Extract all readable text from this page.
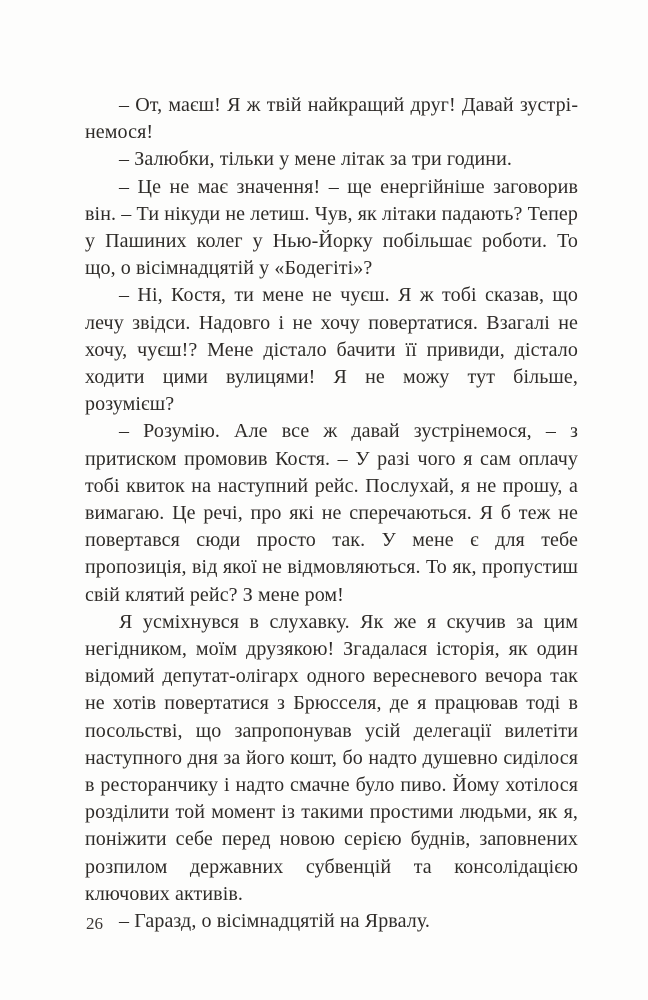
– От, маєш! Я ж твій найкращий друг! Давай зустрінемося!

– Залюбки, тільки у мене літак за три години.

– Це не має значення! – ще енергійніше заговорив він. – Ти нікуди не летиш. Чув, як літаки падають? Тепер у Пашиних колег у Нью-Йорку побільшає роботи. То що, о вісімнадцятій у «Бодегіті»?

– Ні, Костя, ти мене не чуєш. Я ж тобі сказав, що лечу звідси. Надовго і не хочу повертатися. Взагалі не хочу, чуєш!? Мене дістало бачити її привиди, дістало ходити цими вулицями! Я не можу тут більше, розумієш?

– Розумію. Але все ж давай зустрінемося, – з притиском промовив Костя. – У разі чого я сам оплачу тобі квиток на наступний рейс. Послухай, я не прошу, а вимагаю. Це речі, про які не сперечаються. Я б теж не повертався сюди просто так. У мене є для тебе пропозиція, від якої не відмовляються. То як, пропустиш свій клятий рейс? З мене ром!

Я усміхнувся в слухавку. Як же я скучив за цим негідником, моїм друзякою! Згадалася історія, як один відомий депутат-олігарх одного вересневого вечора так не хотів повертатися з Брюсселя, де я працював тоді в посольстві, що запропонував усій делегації вилетіти наступного дня за його кошт, бо надто душевно сиділося в ресторанчику і надто смачне було пиво. Йому хотілося розділити той момент із такими простими людьми, як я, поніжити себе перед новою серією буднів, заповнених розпилом державних субвенцій та консолідацією ключових активів.

– Гаразд, о вісімнадцятій на Ярвалу.

26
